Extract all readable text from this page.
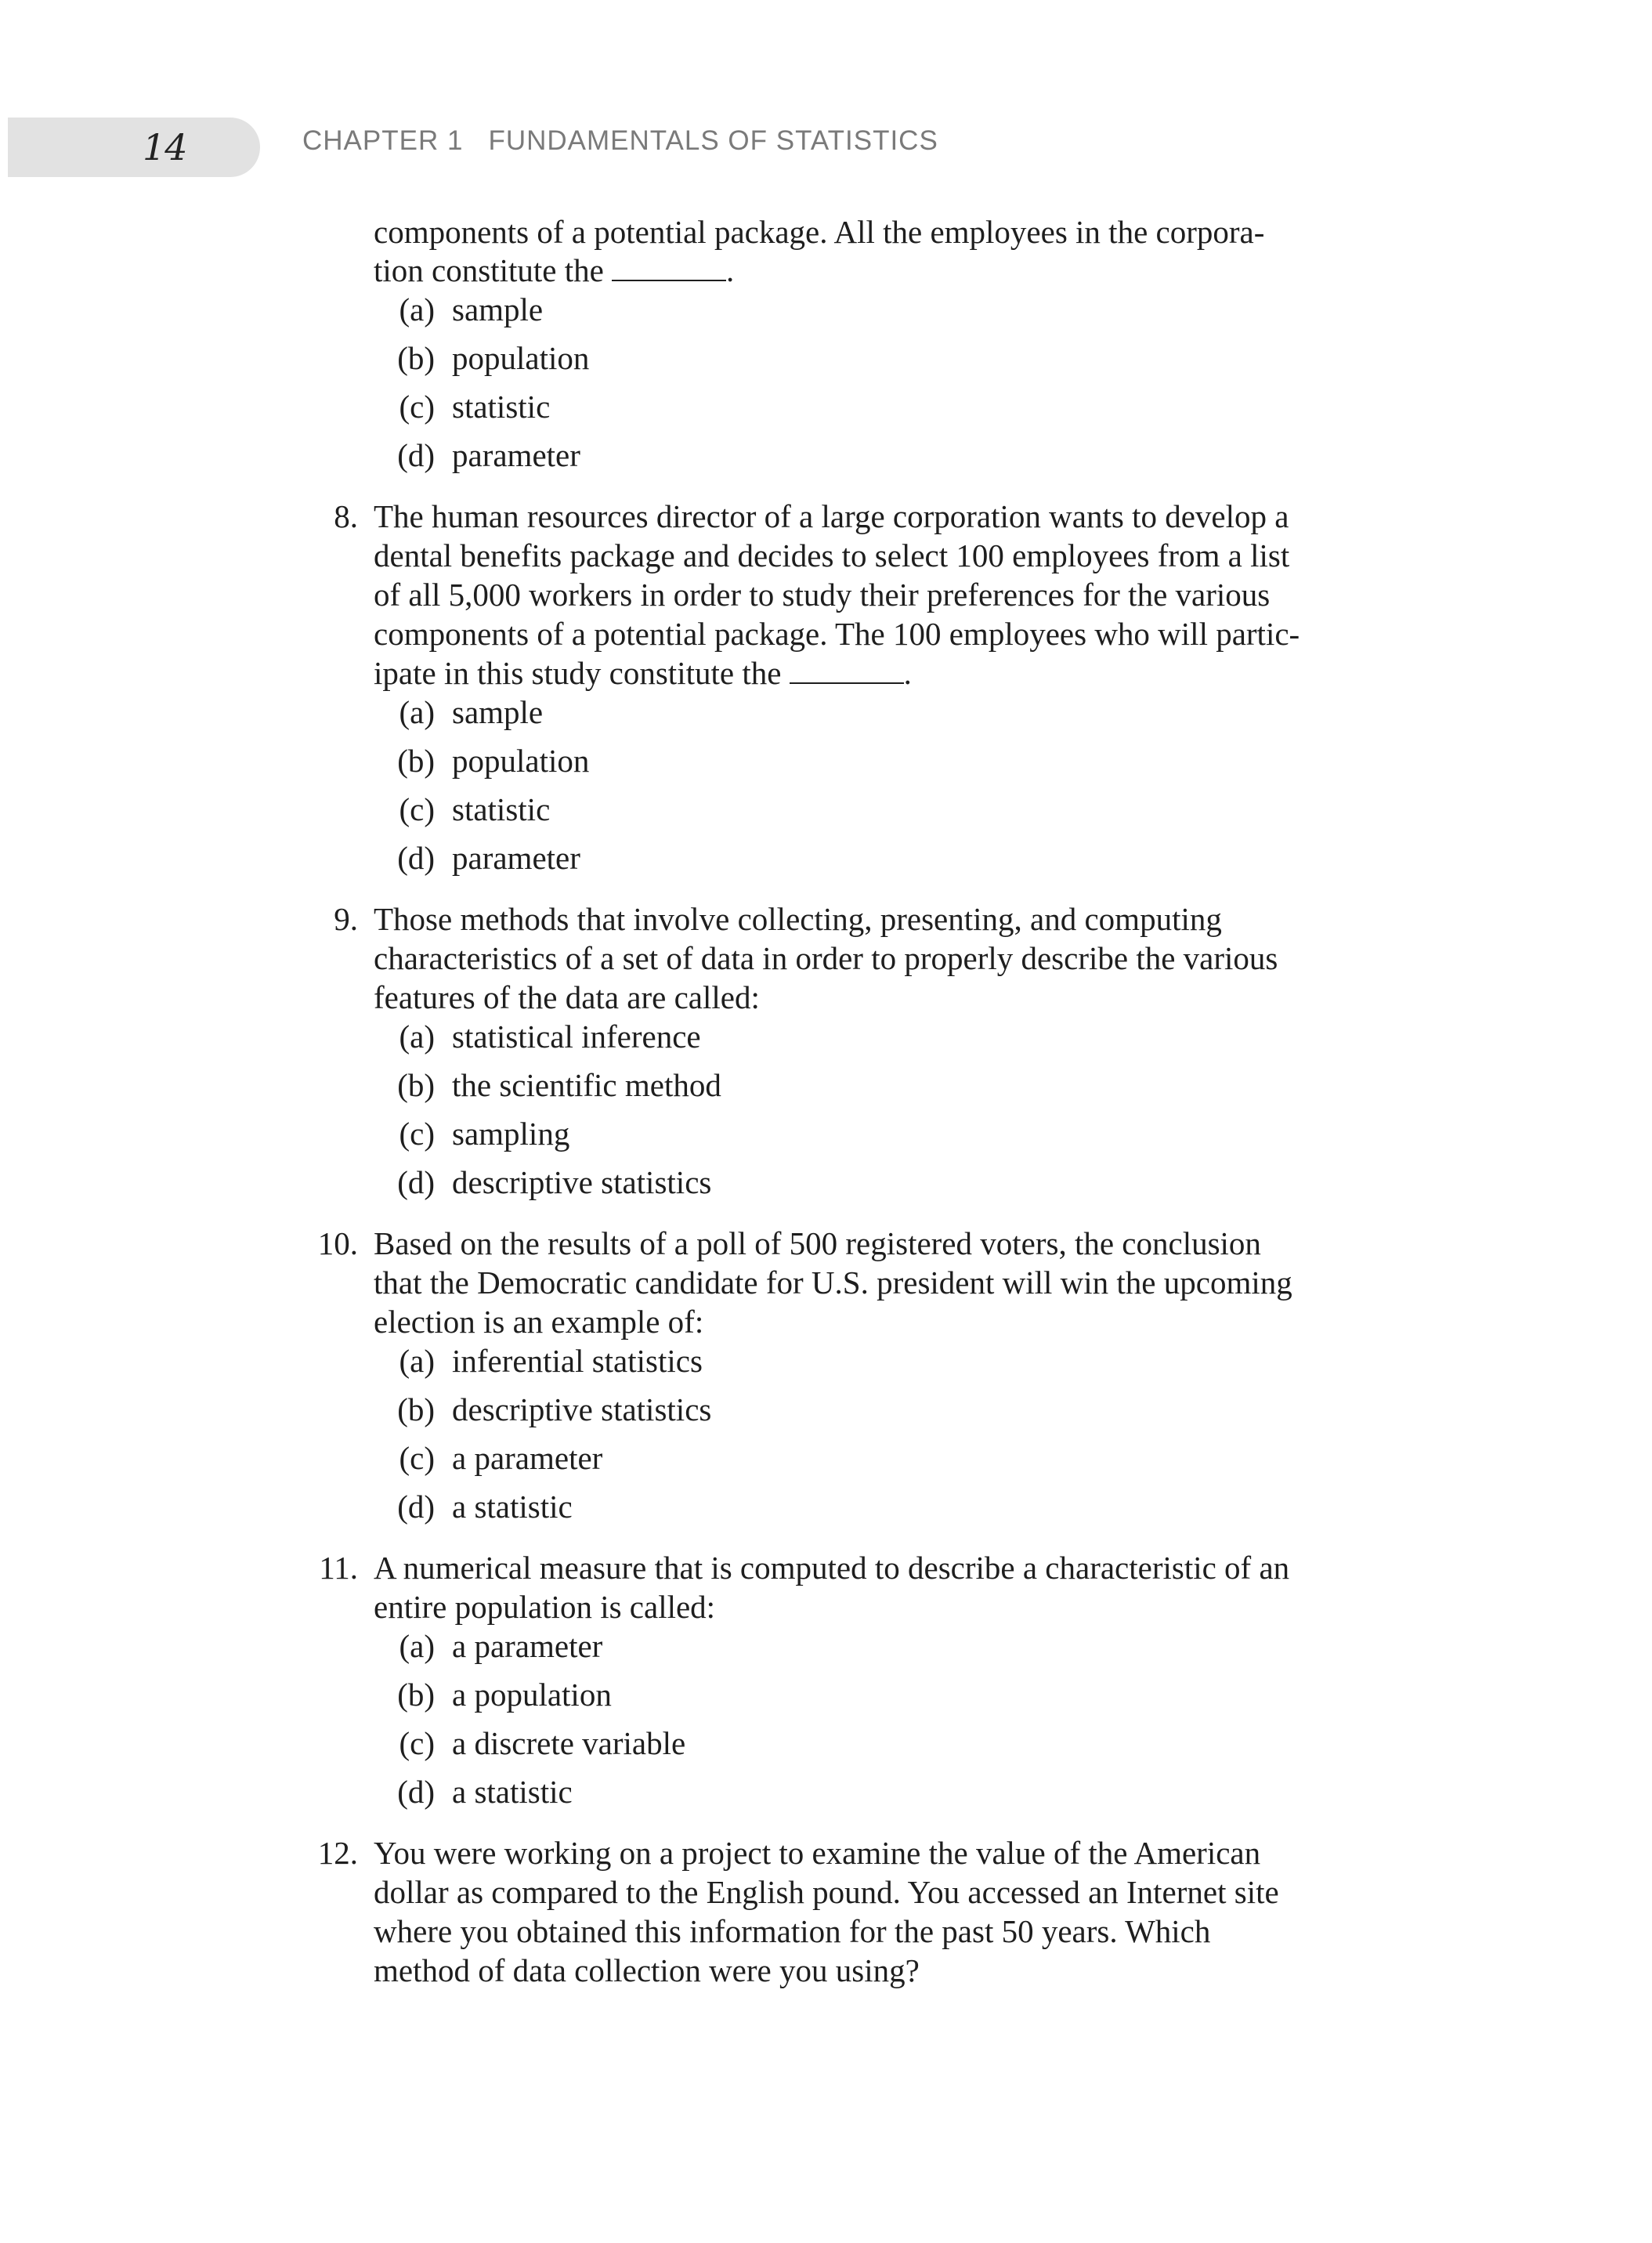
14	CHAPTER 1 FUNDAMENTALS OF STATISTICS
components of a potential package. All the employees in the corpora-
tion constitute the	.
(a) sample
(b) population
(c) statistic
(d) parameter
8. The human resources director of a large corporation wants to develop a
dental benefits package and decides to select 100 employees from a list
of all 5,000 workers in order to study their preferences for the various
components of a potential package. The 100 employees who will partic-
ipate in this study constitute the	.
(a) sample
(b) population
(c) statistic
(d) parameter
9. Those methods that involve collecting, presenting, and computing
characteristics of a set of data in order to properly describe the various
features of the data are called:
(a) statistical inference
(b) the scientific method
(c) sampling
(d) descriptive statistics
10. Based on the results of a poll of 500 registered voters, the conclusion
that the Democratic candidate for U.S. president will win the upcoming
election is an example of:
(a) inferential statistics
(b) descriptive statistics
(c) a parameter
(d) a statistic
11. A numerical measure that is computed to describe a characteristic of an
entire population is called:
(a) a parameter
(b) a population
(c) a discrete variable
(d) a statistic
12. You were working on a project to examine the value of the American
dollar as compared to the English pound. You accessed an Internet site
where you obtained this information for the past 50 years. Which
method of data collection were you using?
